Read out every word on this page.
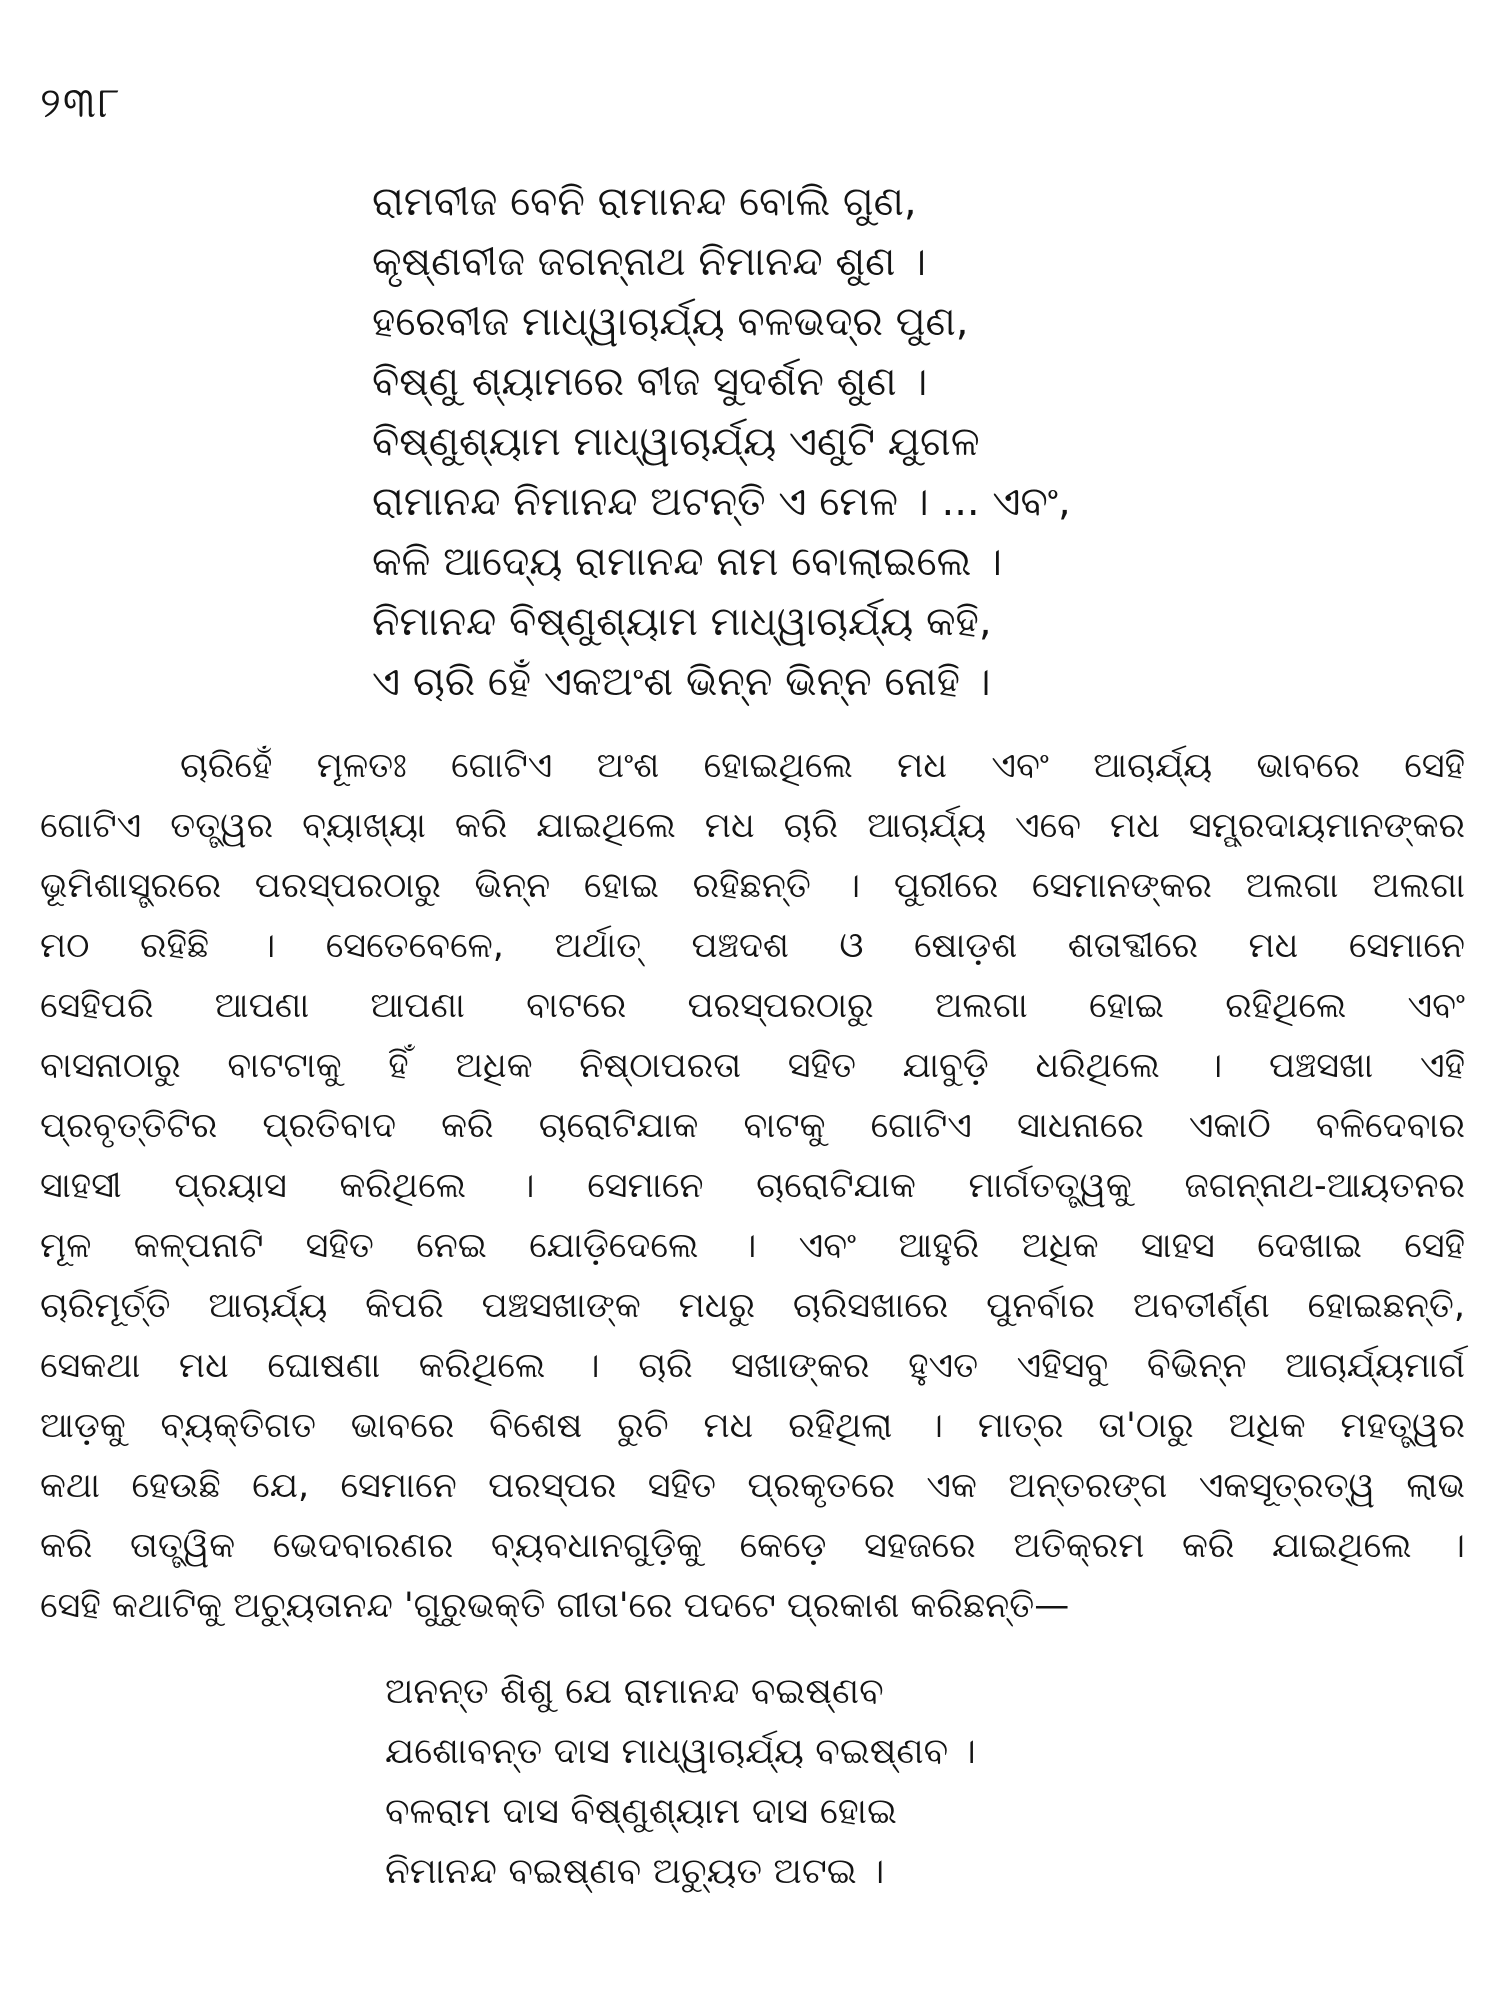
୨୩୮
ରାମବୀଜ ବେନି ରାମାନନ୍ଦ ବୋଲି ଗୁଣ,
କୃଷ୍ଣବୀଜ ଜଗନ୍ନାଥ ନିମାନନ୍ଦ ଶୁଣ ।
ହରେବୀଜ ମାଧ୍ୱାଚାର୍ଯ୍ୟ ବଳଭଦ୍ର ପୁଣ,
ବିଷ୍ଣୁ ଶ୍ୟାମରେ ବୀଜ ସୁଦର୍ଶନ ଶୁଣ ।
ବିଷ୍ଣୁଶ୍ୟାମ ମାଧ୍ୱାଚାର୍ଯ୍ୟ ଏଣୁଟି ଯୁଗଳ
ରାମାନନ୍ଦ ନିମାନନ୍ଦ ଅଟନ୍ତି ଏ ମେଳ । ... ଏବଂ,
କଳି ଆଦ୍ୟେ ରାମାନନ୍ଦ ନାମ ବୋଲାଇଲେ ।
ନିମାନନ୍ଦ ବିଷ୍ଣୁଶ୍ୟାମ ମାଧ୍ୱାଚାର୍ଯ୍ୟ କହି,
ଏ ଚାରି ହେଁ ଏକଅଂଶ ଭିନ୍ନ ଭିନ୍ନ ନୋହି ।
ଚାରିହେଁ ମୂଳତଃ ଗୋଟିଏ ଅଂଶ ହୋଇଥିଲେ ମଧ ଏବଂ ଆଚାର୍ଯ୍ୟ ଭାବରେ ସେହି
ଗୋଟିଏ ତତ୍ତ୍ୱର ବ୍ୟାଖ୍ୟା କରି ଯାଇଥିଲେ ମଧ ଚାରି ଆଚାର୍ଯ୍ୟ ଏବେ ମଧ ସମ୍ପ୍ରଦାୟମାନଙ୍କର
ଭୂମିଶାସ୍ତ୍ରରେ ପରସ୍ପରଠାରୁ ଭିନ୍ନ ହୋଇ ରହିଛନ୍ତି । ପୁରୀରେ ସେମାନଙ୍କର ଅଲଗା ଅଲଗା
ମଠ ରହିଛି । ସେତେବେଳେ, ଅର୍ଥାତ୍ ପଞ୍ଚଦଶ ଓ ଷୋଡ଼ଶ ଶତାବ୍ଦୀରେ ମଧ ସେମାନେ
ସେହିପରି ଆପଣା ଆପଣା ବାଟରେ ପରସ୍ପରଠାରୁ ଅଲଗା ହୋଇ ରହିଥିଲେ ଏବଂ
ବାସନାଠାରୁ ବାଟଟାକୁ ହିଁ ଅଧିକ ନିଷ୍ଠାପରତା ସହିତ ଯାବୁଡ଼ି ଧରିଥିଲେ । ପଞ୍ଚସଖା ଏହି
ପ୍ରବୃତ୍ତିଟିର ପ୍ରତିବାଦ କରି ଚାରୋଟିଯାକ ବାଟକୁ ଗୋଟିଏ ସାଧନାରେ ଏକାଠି ବଳିଦେବାର
ସାହସୀ ପ୍ରୟାସ କରିଥିଲେ । ସେମାନେ ଚାରୋଟିଯାକ ମାର୍ଗତତ୍ତ୍ୱକୁ ଜଗନ୍ନାଥ-ଆୟତନର
ମୂଳ କଳ୍ପନାଟି ସହିତ ନେଇ ଯୋଡ଼ିଦେଲେ । ଏବଂ ଆହୁରି ଅଧିକ ସାହସ ଦେଖାଇ ସେହି
ଚାରିମୂର୍ତ୍ତି ଆଚାର୍ଯ୍ୟ କିପରି ପଞ୍ଚସଖାଙ୍କ ମଧରୁ ଚାରିସଖାରେ ପୁନର୍ବାର ଅବତୀର୍ଣ୍ଣ ହୋଇଛନ୍ତି,
ସେକଥା ମଧ ଘୋଷଣା କରିଥିଲେ । ଚାରି ସଖାଙ୍କର ହୁଏତ ଏହିସବୁ ବିଭିନ୍ନ ଆଚାର୍ଯ୍ୟମାର୍ଗ
ଆଡ଼କୁ ବ୍ୟକ୍ତିଗତ ଭାବରେ ବିଶେଷ ରୁଚି ମଧ ରହିଥିଲା । ମାତ୍ର ତା'ଠାରୁ ଅଧିକ ମହତ୍ତ୍ୱର
କଥା ହେଉଛି ଯେ, ସେମାନେ ପରସ୍ପର ସହିତ ପ୍ରକୃତରେ ଏକ ଅନ୍ତରଙ୍ଗ ଏକସୂତ୍ରତ୍ୱ ଲାଭ
କରି ତାତ୍ତ୍ୱିକ ଭେଦବାରଣର ବ୍ୟବଧାନଗୁଡ଼ିକୁ କେଡ଼େ ସହଜରେ ଅତିକ୍ରମ କରି ଯାଇଥିଲେ ।
ସେହି କଥାଟିକୁ ଅଚ୍ୟୁତାନନ୍ଦ 'ଗୁରୁଭକ୍ତି ଗୀତା'ରେ ପଦଟେ ପ୍ରକାଶ କରିଛନ୍ତି—
ଅନନ୍ତ ଶିଶୁ ଯେ ରାମାନନ୍ଦ ବଇଷ୍ଣବ
ଯଶୋବନ୍ତ ଦାସ ମାଧ୍ୱାଚାର୍ଯ୍ୟ ବଇଷ୍ଣବ ।
ବଳରାମ ଦାସ ବିଷ୍ଣୁଶ୍ୟାମ ଦାସ ହୋଇ
ନିମାନନ୍ଦ ବଇଷ୍ଣବ ଅଚ୍ୟୁତ ଅଟଇ ।
